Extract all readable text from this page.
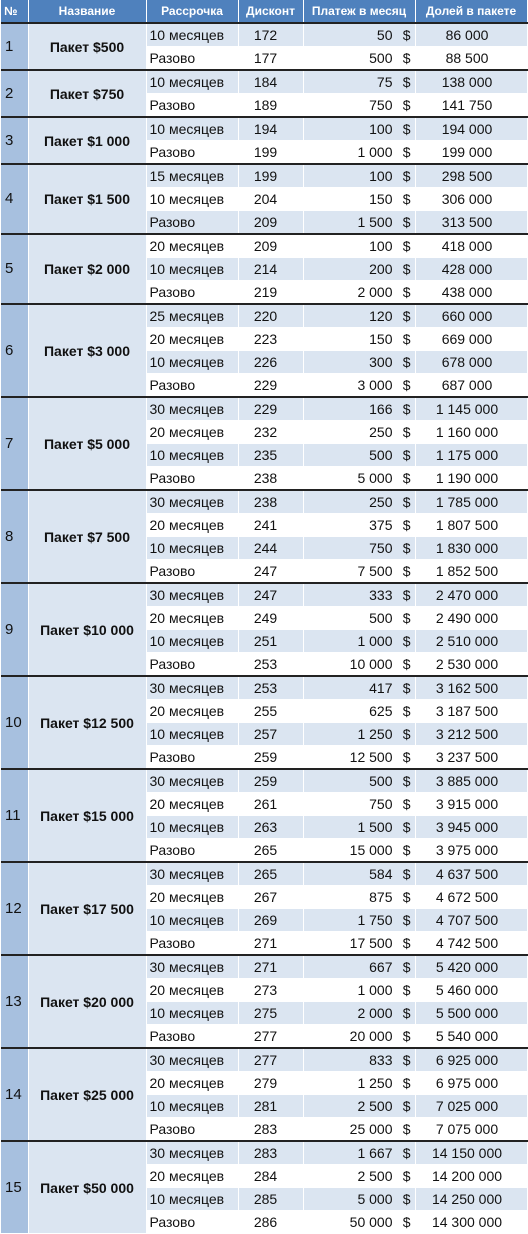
№	Название	Рассрочка	Дисконт	Платеж в месяц	Долей в пакете
1	Пакет $500	10 месяцев	172	50 $	86 000
		Разово	177	500 $	88 500
2	Пакет $750	10 месяцев	184	75 $	138 000
		Разово	189	750 $	141 750
3	Пакет $1 000	10 месяцев	194	100 $	194 000
		Разово	199	1 000 $	199 000
4	Пакет $1 500	15 месяцев	199	100 $	298 500
		10 месяцев	204	150 $	306 000
		Разово	209	1 500 $	313 500
5	Пакет $2 000	20 месяцев	209	100 $	418 000
		10 месяцев	214	200 $	428 000
		Разово	219	2 000 $	438 000
6	Пакет $3 000	25 месяцев	220	120 $	660 000
		20 месяцев	223	150 $	669 000
		10 месяцев	226	300 $	678 000
		Разово	229	3 000 $	687 000
7	Пакет $5 000	30 месяцев	229	166 $	1 145 000
		20 месяцев	232	250 $	1 160 000
		10 месяцев	235	500 $	1 175 000
		Разово	238	5 000 $	1 190 000
8	Пакет $7 500	30 месяцев	238	250 $	1 785 000
		20 месяцев	241	375 $	1 807 500
		10 месяцев	244	750 $	1 830 000
		Разово	247	7 500 $	1 852 500
9	Пакет $10 000	30 месяцев	247	333 $	2 470 000
		20 месяцев	249	500 $	2 490 000
		10 месяцев	251	1 000 $	2 510 000
		Разово	253	10 000 $	2 530 000
10	Пакет $12 500	30 месяцев	253	417 $	3 162 500
		20 месяцев	255	625 $	3 187 500
		10 месяцев	257	1 250 $	3 212 500
		Разово	259	12 500 $	3 237 500
11	Пакет $15 000	30 месяцев	259	500 $	3 885 000
		20 месяцев	261	750 $	3 915 000
		10 месяцев	263	1 500 $	3 945 000
		Разово	265	15 000 $	3 975 000
12	Пакет $17 500	30 месяцев	265	584 $	4 637 500
		20 месяцев	267	875 $	4 672 500
		10 месяцев	269	1 750 $	4 707 500
		Разово	271	17 500 $	4 742 500
13	Пакет $20 000	30 месяцев	271	667 $	5 420 000
		20 месяцев	273	1 000 $	5 460 000
		10 месяцев	275	2 000 $	5 500 000
		Разово	277	20 000 $	5 540 000
14	Пакет $25 000	30 месяцев	277	833 $	6 925 000
		20 месяцев	279	1 250 $	6 975 000
		10 месяцев	281	2 500 $	7 025 000
		Разово	283	25 000 $	7 075 000
15	Пакет $50 000	30 месяцев	283	1 667 $	14 150 000
		20 месяцев	284	2 500 $	14 200 000
		10 месяцев	285	5 000 $	14 250 000
		Разово	286	50 000 $	14 300 000
